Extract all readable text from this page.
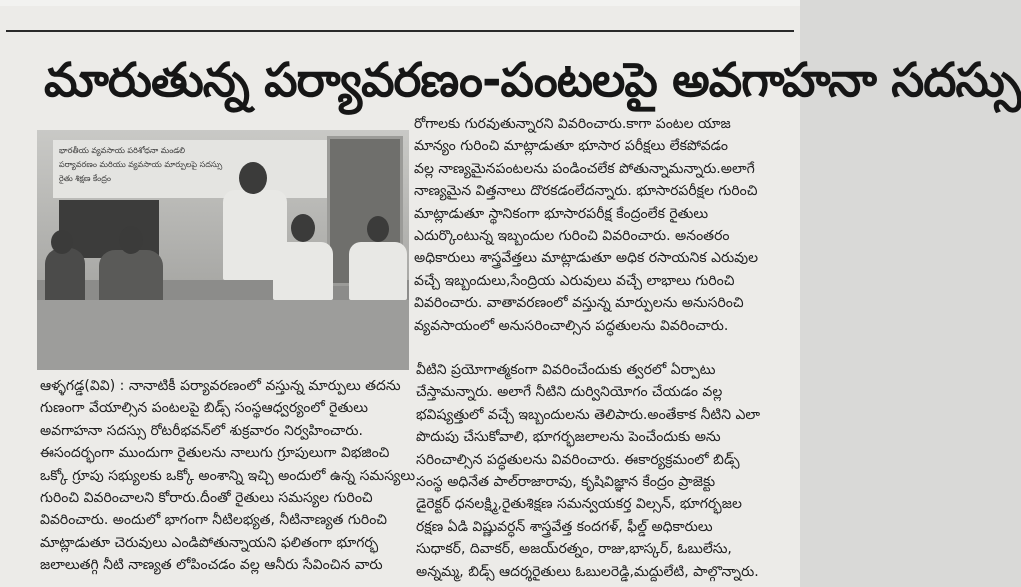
మారుతున్న పర్యావరణం-పంటలపై అవగాహనా సదస్సు
భారతీయ వ్యవసాయ పరిశోధనా మండలి
పర్యావరణం మరియు వ్యవసాయ మార్పులపై సదస్సు
రైతు శిక్షణ కేంద్రం

రోగాలకు గురవుతున్నారని వివరించారు.కాగా పంటల యాజ

మాన్యం గురించి మాట్లాడుతూ భూసార పరీక్షలు లేకపోవడం

వల్ల నాణ్యమైనపంటలను పండించలేక పోతున్నామన్నారు.అలాగే

నాణ్యమైన విత్తనాలు దొరకడంలేదన్నారు. భూసారపరీక్షల గురించి

మాట్లాడుతూ స్థానికంగా భూసారపరీక్ష కేంద్రంలేక రైతులు

ఎదుర్కొంటున్న ఇబ్బందుల గురించి వివరించారు. అనంతరం

అధికారులు శాస్త్రవేత్తలు మాట్లాడుతూ అధిక రసాయనిక ఎరువుల

వచ్చే ఇబ్బందులు,సేంద్రియ ఎరువులు వచ్చే లాభాలు గురించి

వివరించారు. వాతావరణంలో వస్తున్న మార్పులను అనుసరించి

వ్యవసాయంలో అనుసరించాల్సిన పద్ధతులను వివరించారు.

ఆళ్ళగడ్డ(వివి) : నానాటికీ పర్యావరణంలో వస్తున్న మార్పులు తదను

గుణంగా వేయాల్సిన పంటలపై బిడ్స్ సంస్థఆధ్వర్యంలో రైతులు

అవగాహనా సదస్సు రోటరీభవన్‌లో శుక్రవారం నిర్వహించారు.

ఈసందర్భంగా ముందుగా రైతులను నాలుగు గ్రూపులుగా విభజించి

ఒక్కో గ్రూపు సభ్యులకు ఒక్కో అంశాన్ని ఇచ్చి అందులో ఉన్న సమస్యలు

గురించి వివరించాలని కోరారు.దీంతో రైతులు సమస్యల గురించి

వివరించారు. అందులో భాగంగా నీటిలభ్యత, నీటినాణ్యత గురించి

మాట్లాడుతూ చెరువులు ఎండిపోతున్నాయని ఫలితంగా భూగర్భ

జలాలుతగ్గి నీటి నాణ్యత లోపించడం వల్ల ఆనీరు సేవించిన వారు

వీటిని ప్రయోగాత్మకంగా వివరించేందుకు త్వరలో ఏర్పాటు

చేస్తామన్నారు. అలాగే నీటిని దుర్వినియోగం చేయడం వల్ల

భవిష్యత్తులో వచ్చే ఇబ్బందులను తెలిపారు.అంతేకాక నీటిని ఎలా

పొదుపు చేసుకోవాలి, భూగర్భజలాలను పెంచేందుకు అను

సరించాల్సిన పద్ధతులను వివరించారు. ఈకార్యక్రమంలో బిడ్స్

సంస్థ అధినేత పాల్‌రాజారావు, కృషివిజ్ఞాన కేంద్రం ప్రాజెక్టు

డైరెక్టర్ ధనలక్ష్మి,రైతుశిక్షణ సమన్వయకర్త విల్సన్, భూగర్భజల

రక్షణ ఏడి విష్ణువర్ధన్ శాస్త్రవేత్త కందగళ్, ఫీల్డ్ అధికారులు

సుధాకర్, దివాకర్, అజయ్‌రత్నం, రాజు,భాస్కర్, ఓబులేసు,

అన్నమ్మ, బిడ్స్ ఆదర్శరైతులు ఓబులరెడ్డి,మద్దులేటి, పాల్గొన్నారు.
